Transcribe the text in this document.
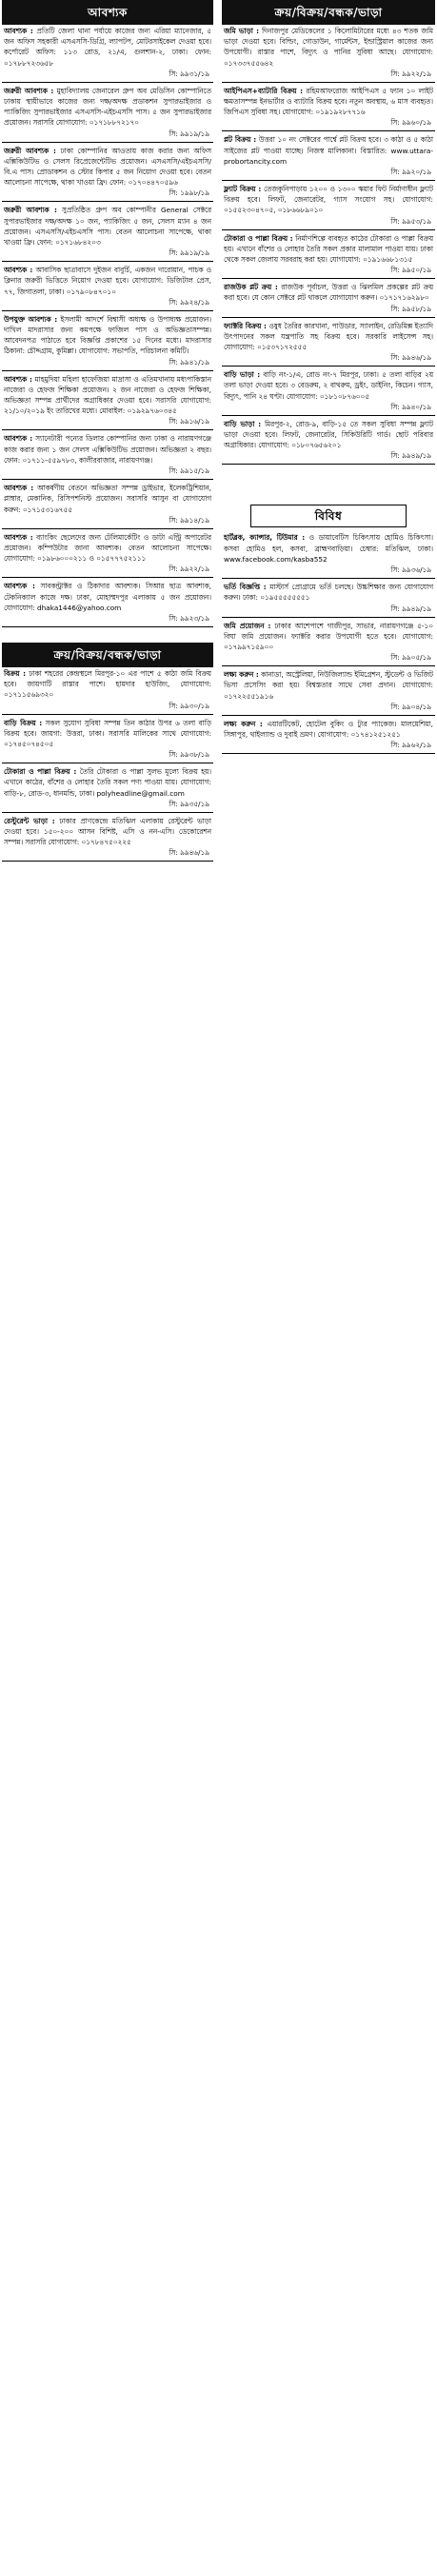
আবশ্যক
আবশ্যক : প্রতিটি জেলা থানা পর্যায়ে কাজের জন্য এরিয়া ম্যানেজার, ৫ জন অফিস সহকারী এসএসসি-ডিগ্রি, ল্যাপটপ, মোটরসাইকেল দেওয়া হবে। কর্পোরেট অফিস: ১১৩ রোড, ২১/এ, গুলশান-২, ঢাকা। ফোন: ০১৭৮৮৭২৩৬৫৮
সি: ৯৯৩১/১৯
জরুরী আবশ্যক : মুহাবিদ্যালয় জেনারেল গ্রুপ অব মেডিসিন কোম্পানিতে ঢাকায় স্থায়ীভাবে কাজের জন্য দক্ষ/অদক্ষ প্রডাকশন সুপারভাইজার ও প্যাকিজিং সুপারভাইজার এসএসসি-এইচএসসি পাস। ৫ জন সুপারভাইজার প্রয়োজন। সরাসরি যোগাযোগ: ০১৭১৮৮৭২১৭০
সি: ৯৯১৯/১৯
জরুরী আবশ্যক : ঢাকা কোম্পানির আওতায় কাজ করার জন্য অফিস এক্সিকিউটিভ ও সেলস রিপ্রেজেন্টেটিভ প্রয়োজন। এসএসসি/এইচএসসি/বি.এ পাস। প্রোডাকশন ও স্টোর কিপার ৫ জন নিয়োগ দেওয়া হবে। বেতন আলোচনা সাপেক্ষে, থাকা খাওয়া ফ্রি। ফোন: ০১৭০৪৪৭০৫৯৬
সি: ১৯৯৮/১৯
জরুরী আবশ্যক : সুপ্রতিষ্ঠিত গ্রুপ অব কোম্পানীর General সেক্টরে সুপারভাইজার দক্ষ/অদক্ষ ১০ জন, প্যাকিজিং ৫ জন, সেলস ম্যান ৪ জন প্রয়োজন। এসএসসি/এইচএসসি পাস। বেতন আলোচনা সাপেক্ষে, থাকা খাওয়া ফ্রি। ফোন: ০১৭১৬৮৪২০৩
সি: ৯৯১৯/১৯
আবশ্যক : আবাসিক ছাত্রাবাসে দুইজন বাবুর্চি, একজন দারোয়ান, পাচক ও ক্লিনার জরুরী ভিত্তিতে নিয়োগ দেওয়া হবে। যোগাযোগ: ডিজিটাল প্রেস, ৭৭, জিগাতলা, ঢাকা। ০১৭৯০৮৪৭০১০
সি: ৯৯২৪/১৯
উপযুক্ত আবশ্যক : ইসলামী আদর্শে বিশ্বাসী অধ্যক্ষ ও উপাধ্যক্ষ প্রয়োজন। দাখিল মাদরাসার জন্য কমপক্ষে ফাজিল পাস ও অভিজ্ঞতাসম্পন্ন। আবেদনপত্র পাঠাতে হবে বিজ্ঞপ্তি প্রকাশের ১৫ দিনের মধ্যে। মাদরাসার ঠিকানা: চৌদ্দগ্রাম, কুমিল্লা। যোগাযোগ: সভাপতি, পরিচালনা কমিটি।
সি: ৯৯৪১/১৯
আবশ্যক : মাহমুদিয়া মহিলা হাফেজিয়া মাদ্রাসা ও এতিমখানায় মধ্যপাকিস্তান নাজেরা ও হেফজ শিক্ষিকা প্রয়োজন। ২ জন নাজেরা ও হেফজ শিক্ষিকা, অভিজ্ঞতা সম্পন্ন প্রার্থীদের অগ্রাধিকার দেওয়া হবে। সরাসরি যোগাযোগ: ২১/১০/২০১৯ ইং তারিখের মধ্যে। মোবাইল: ০১৯২৯৭৬০৩৪৫
সি: ৯৯১৬/১৯
আবশ্যক : স্যানেটারী পন্যের ডিলার কোম্পানির জন্য ঢাকা ও নারায়ণগঞ্জে কাজ করার জন্য ১ জন সেলস এক্সিকিউটিভ প্রয়োজন। অভিজ্ঞতা ২ বছর। ফোন: ০১৭১১-৫৫৯৭৮৩, কালীরবাজার, নারায়ণগঞ্জ।
সি: ৯৯১৫/১৯
আবশ্যক : আকর্ষণীয় বেতনে অভিজ্ঞতা সম্পন্ন ড্রাইভার, ইলেকট্রিশিয়ান, প্লাম্বার, মেকানিক, রিসিপশনিস্ট প্রয়োজন। সরাসরি আসুন বা যোগাযোগ করুন: ০১৭১৫৩১৬৭৫৫
সি: ৯৯১৪/১৯
আবশ্যক : ব্যাংকিং ছেলেদের জন্য টেলিমার্কেটিং ও ডাটা এন্ট্রি অপারেটর প্রয়োজন। কম্পিউটার জানা আবশ্যক। বেতন আলোচনা সাপেক্ষে। যোগাযোগ: ০১৯৮৬০০০২১১ ও ০১৫৭৭৭৫২১১১
সি: ৯৯২২/১৯
আবশ্যক : সাবকন্ট্রাক্টর ও ঠিকাদার আবশ্যক। সিআর ছাত্র আবশ্যক, টেকনিক্যাল কাজে দক্ষ। ঢাকা, মোহাম্মদপুর এলাকায় ৫ জন প্রয়োজন। যোগাযোগ: dhaka1446@yahoo.com
সি: ৯৯২৩/১৯
ক্রয়/বিক্রয়/বন্ধক/ভাড়া
বিক্রয় : ঢাকা শহরের কেন্দ্রস্থলে মিরপুর-১০ এর পাশে ৫ কাঠা জমি বিক্রয় হবে। জায়গাটি রাস্তার পাশে। হায়দার হাউজিং, যোগাযোগ: ০১৭১১৫৬৯৩২০
সি: ৯৯৩০/১৯
বাড়ি বিক্রয় : সকল সুযোগ সুবিধা সম্পন্ন তিন কাঠার উপর ৬ তলা বাড়ি বিক্রয় হবে। জায়গা: উত্তরা, ঢাকা। সরাসরি মালিকের সাথে যোগাযোগ: ০১৭৪৫০৭৪৫০৫
সি: ৯৯৩৮/১৯
টোকারা ও পাল্লা বিক্রয় : তৈরি টোকারা ও পাল্লা সুলভ মূল্যে বিক্রয় হয়। এখানে কাঠের, বাঁশের ও লোহার তৈরি সকল পণ্য পাওয়া যায়। যোগাযোগ: বাড়ি-৮, রোড-৩, ধানমন্ডি, ঢাকা। polyheadline@gmail.com
সি: ৯৯৩৫/১৯
রেস্টুরেন্ট ভাড়া : ঢাকার প্রাণকেন্দ্রে মতিঝিল এলাকায় রেস্টুরেন্ট ভাড়া দেওয়া হবে। ১৫০-২০০ আসন বিশিষ্ট, এসি ও নন-এসি। ডেকোরেশন সম্পন্ন। সরাসরি যোগাযোগ: ০১৭৮৪৭৫০২২৫
সি: ৯৯৪৬/১৯
ক্রয়/বিক্রয়/বন্ধক/ভাড়া
জমি ভাড়া : দিনাজপুর মেডিকেলের ১ কিলোমিটারের মধ্যে ৪৩ শতক জমি ভাড়া দেওয়া হবে। বিল্ডিং, গোডাউন, গার্মেন্টস, ইন্ডাস্ট্রিয়াল কাজের জন্য উপযোগী। রাস্তার পাশে, বিদ্যুৎ ও পানির সুবিধা আছে। যোগাযোগ: ০১৭৩৩৭৫৫৬৪২
সি: ৯৯২২/১৯
আইপিএস+ব্যাটারি বিক্রয় : রহিমআফরোজ আইপিএস ৫ ফ্যান ১০ লাইট ক্ষমতাসম্পন্ন ইনভার্টার ও ব্যাটারি বিক্রয় হবে। নতুন অবস্থায়, ৬ মাস ব্যবহৃত। জিপিএস সুবিধা সহ। যোগাযোগ: ০১৯১৯২৮৭৭১৬
সি: ৯৯৬০/১৯
প্লট বিক্রয় : উত্তরা ১০ নং সেক্টরের পার্শ্বে প্লট বিক্রয় হবে। ৩ কাঠা ও ৫ কাঠা সাইজের প্লট পাওয়া যাচ্ছে। নিজস্ব মালিকানা। বিস্তারিত: www.uttara-probortancity.com
সি: ৯৯২০/১৯
ফ্ল্যাট বিক্রয় : তেজকুনিপাড়ায় ১২০০ ও ১৩০০ স্কয়ার ফিট নির্মাণাধীন ফ্ল্যাট বিক্রয় হবে। লিফট, জেনারেটর, গ্যাস সংযোগ সহ। যোগাযোগ: ০১৫৫২৩০৪৭০৫, ০১৮৬৬৮৯০১০
সি: ৯৯৫৩/১৯
টোকারা ও পাল্লা বিক্রয় : নির্মাণশিল্পে ব্যবহৃত কাঠের টোকারা ও পাল্লা বিক্রয় হয়। এখানে বাঁশের ও লোহার তৈরি সকল প্রকার মালামাল পাওয়া যায়। ঢাকা থেকে সকল জেলায় সরবরাহ করা হয়। যোগাযোগ: ০১৯১৬৬৮১৩১৫
সি: ৯৯৫০/১৯
রাজউক প্লট ক্রয় : রাজউক পূর্বাচল, উত্তরা ও ঝিলমিল প্রকল্পের প্লট ক্রয় করা হবে। যে কোন সেক্টরে প্লট থাকলে যোগাযোগ করুন। ০১৭১৭১৬২৯৮০
সি: ৯৯৫৮/১৯
ফ্যাক্টরি বিক্রয় : ওষুধ তৈরির কারখানা, পাউডার, স্যালাইন, রেডিমিক্স ইত্যাদি উৎপাদনের সকল যন্ত্রপাতি সহ বিক্রয় হবে। সরকারি লাইসেন্স সহ। যোগাযোগ: ০১৫৩৭১৭২৫৫৫
সি: ৯৯৪৬/১৯
বাড়ি ভাড়া : বাড়ি নং-১/এ, রোড নং-৭ মিরপুর, ঢাকা। ৫ তলা বাড়ির ২য় তলা ভাড়া দেওয়া হবে। ৩ বেডরুম, ২ বাথরুম, ড্রইং, ডাইনিং, কিচেন। গ্যাস, বিদ্যুৎ, পানি ২৪ ঘণ্টা। যোগাযোগ: ০১৮১০৮৭৬০০৫
সি: ৯৯৪০/১৯
বাড়ি ভাড়া : মিরপুর-২, রোড-৯, বাড়ি-১৫ তে সকল সুবিধা সম্পন্ন ফ্ল্যাট ভাড়া দেওয়া হবে। লিফট, জেনারেটর, সিকিউরিটি গার্ড। ছোট পরিবার অগ্রাধিকার। যোগাযোগ: ০১৮০৭৬৫৬২০১
সি: ৯৯৪৯/১৯
বিবিধ
হার্টব্লক, ক্যান্সার, টিউমার : ও ডায়াবেটিস চিকিৎসায় হোমিও চিকিৎসা। কসবা হোমিও হল, কসবা, ব্রাহ্মণবাড়িয়া। চেম্বার: মতিঝিল, ঢাকা। www.facebook.com/kasba552
সি: ৯৯৩৬/১৯
ভর্তি বিজ্ঞপ্তি : মাস্টার্স প্রোগ্রামে ভর্তি চলছে। উচ্চশিক্ষার জন্য যোগাযোগ করুন। ঢাকা: ০১৯৫৫৫৫৫৫৫১
সি: ৯৯৪৯/১৯
জমি প্রয়োজন : ঢাকার আশেপাশে গাজীপুর, সাভার, নারায়ণগঞ্জে ৫-১০ বিঘা জমি প্রয়োজন। ফ্যাক্টরি করার উপযোগী হতে হবে। যোগাযোগ: ০১৭৯৯৭১৫৯০০
সি: ৯৯০৫/১৯
লক্ষ্য করুন : কানাডা, অস্ট্রেলিয়া, নিউজিল্যান্ড ইমিগ্রেশন, স্টুডেন্ট ও ভিজিট ভিসা প্রসেসিং করা হয়। বিশ্বস্ততার সাথে সেবা প্রদান। যোগাযোগ: ০১৭২২৫৫১৯১৬
সি: ৯৯০৪/১৯
লক্ষ্য করুন : এয়ারটিকেট, হোটেল বুকিং ও ট্যুর প্যাকেজ। মালয়েশিয়া, সিঙ্গাপুর, থাইল্যান্ড ও দুবাই ভ্রমণ। যোগাযোগ: ০১৭৪১২৫১২৫১
সি: ৯৯৬২/১৯
